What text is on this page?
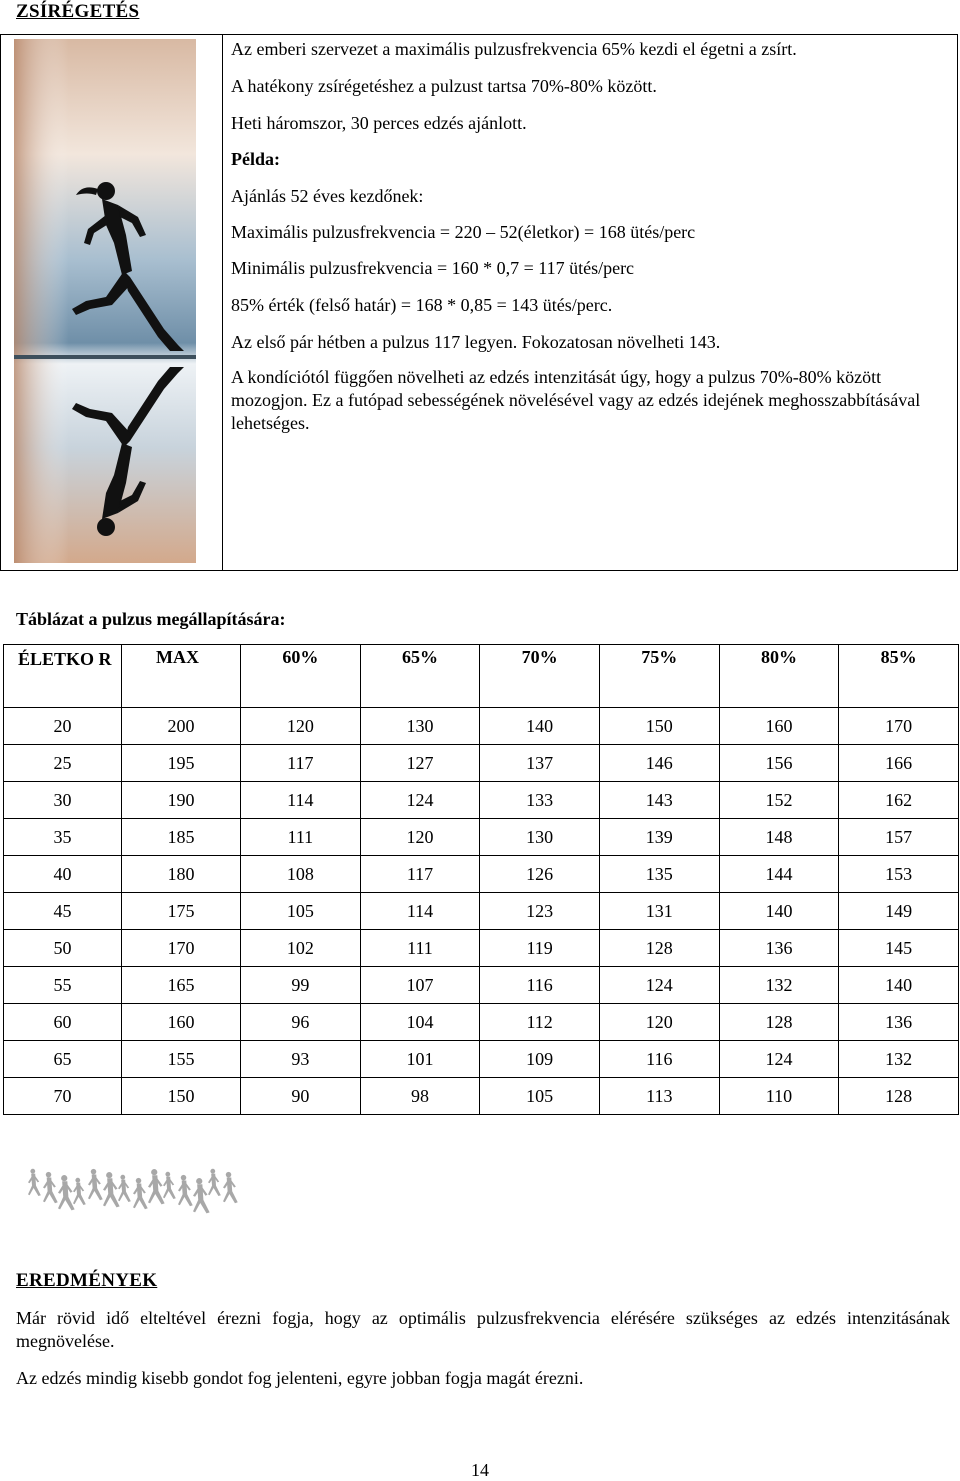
ZSÍRÉGETÉS
Az emberi szervezet a maximális pulzusfrekvencia 65% kezdi el égetni a zsírt.
A hatékony zsírégetéshez a pulzust tartsa 70%-80% között.
Heti háromszor, 30 perces edzés ajánlott.
Példa:
Ajánlás 52 éves kezdőnek:
Maximális pulzusfrekvencia = 220 – 52(életkor) = 168 ütés/perc
Minimális pulzusfrekvencia = 160 * 0,7 = 117 ütés/perc
85% érték (felső határ) = 168 * 0,85 = 143 ütés/perc.
Az első pár hétben a pulzus 117 legyen. Fokozatosan növelheti 143.
A kondíciótól függően növelheti az edzés intenzitását úgy, hogy a pulzus 70%-80% között mozogjon. Ez a futópad sebességének növelésével vagy az edzés idejének meghosszabbításával lehetséges.
Táblázat a pulzus megállapítására:
ÉLETKO R	MAX	60%	65%	70%	75%	80%	85%
20	200	120	130	140	150	160	170
25	195	117	127	137	146	156	166
30	190	114	124	133	143	152	162
35	185	111	120	130	139	148	157
40	180	108	117	126	135	144	153
45	175	105	114	123	131	140	149
50	170	102	111	119	128	136	145
55	165	99	107	116	124	132	140
60	160	96	104	112	120	128	136
65	155	93	101	109	116	124	132
70	150	90	98	105	113	110	128
EREDMÉNYEK
Már rövid idő elteltével érezni fogja, hogy az optimális pulzusfrekvencia elérésére szükséges az edzés intenzitásának megnövelése.
Az edzés mindig kisebb gondot fog jelenteni, egyre jobban fogja magát érezni.
14
